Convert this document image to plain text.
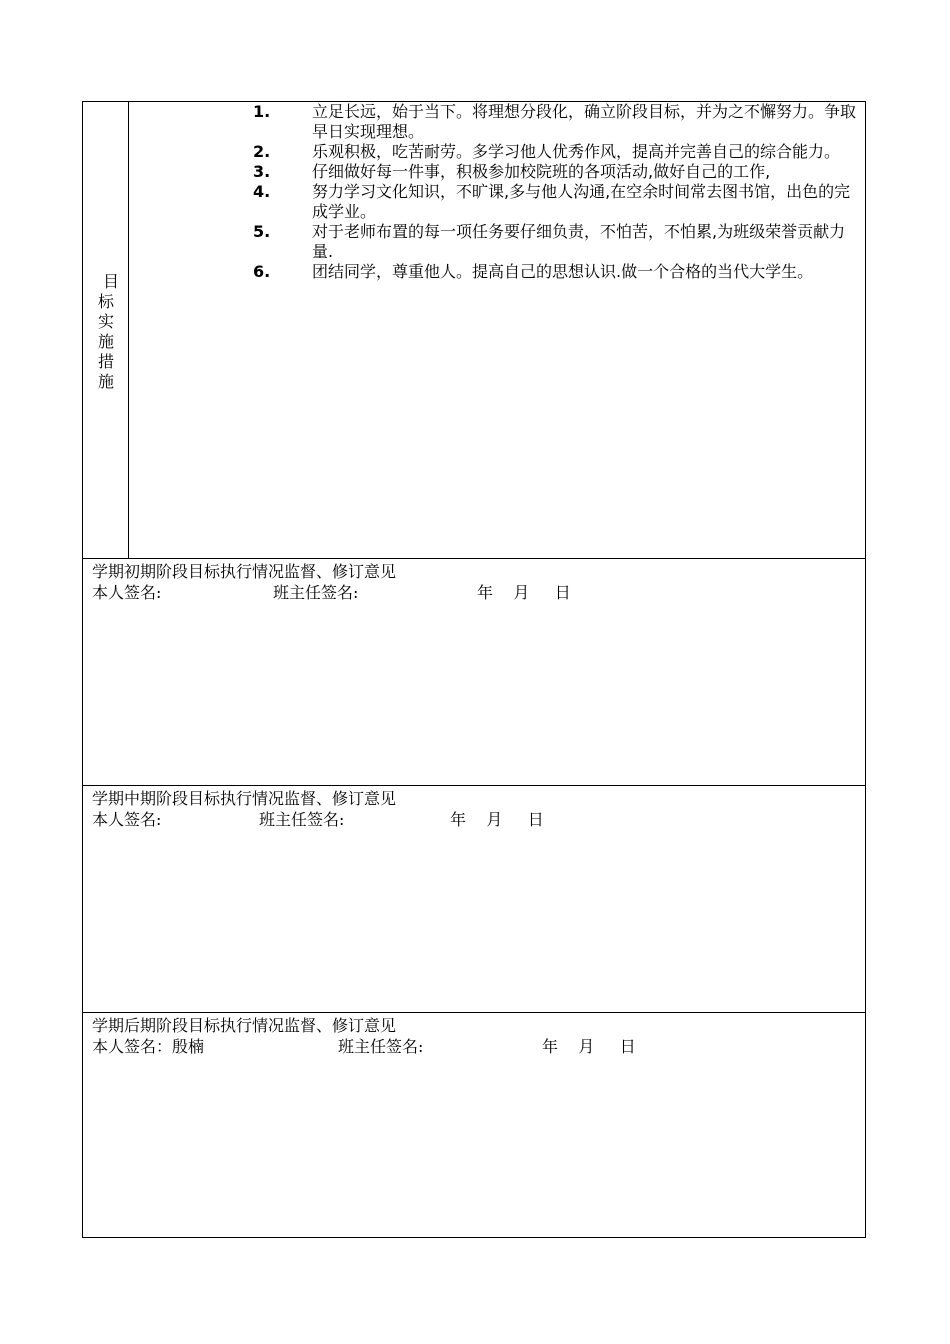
目
标
实
施
措
施
1.	立足长远，始于当下。将理想分段化，确立阶段目标，并为之不懈努力。争取早日实现理想。
2.	乐观积极，吃苦耐劳。多学习他人优秀作风，提高并完善自己的综合能力。
3.	仔细做好每一件事，积极参加校院班的各项活动,做好自己的工作,
4.	努力学习文化知识，不旷课,多与他人沟通,在空余时间常去图书馆，出色的完成学业。
5.	对于老师布置的每一项任务要仔细负责，不怕苦，不怕累,为班级荣誉贡献力量.
6.	团结同学，尊重他人。提高自己的思想认识.做一个合格的当代大学生。
学期初期阶段目标执行情况监督、修订意见
本人签名:	班主任签名:	年    月     日
学期中期阶段目标执行情况监督、修订意见
本人签名:	班主任签名:	年    月     日
学期后期阶段目标执行情况监督、修订意见
本人签名：殷楠	班主任签名:	年    月     日
